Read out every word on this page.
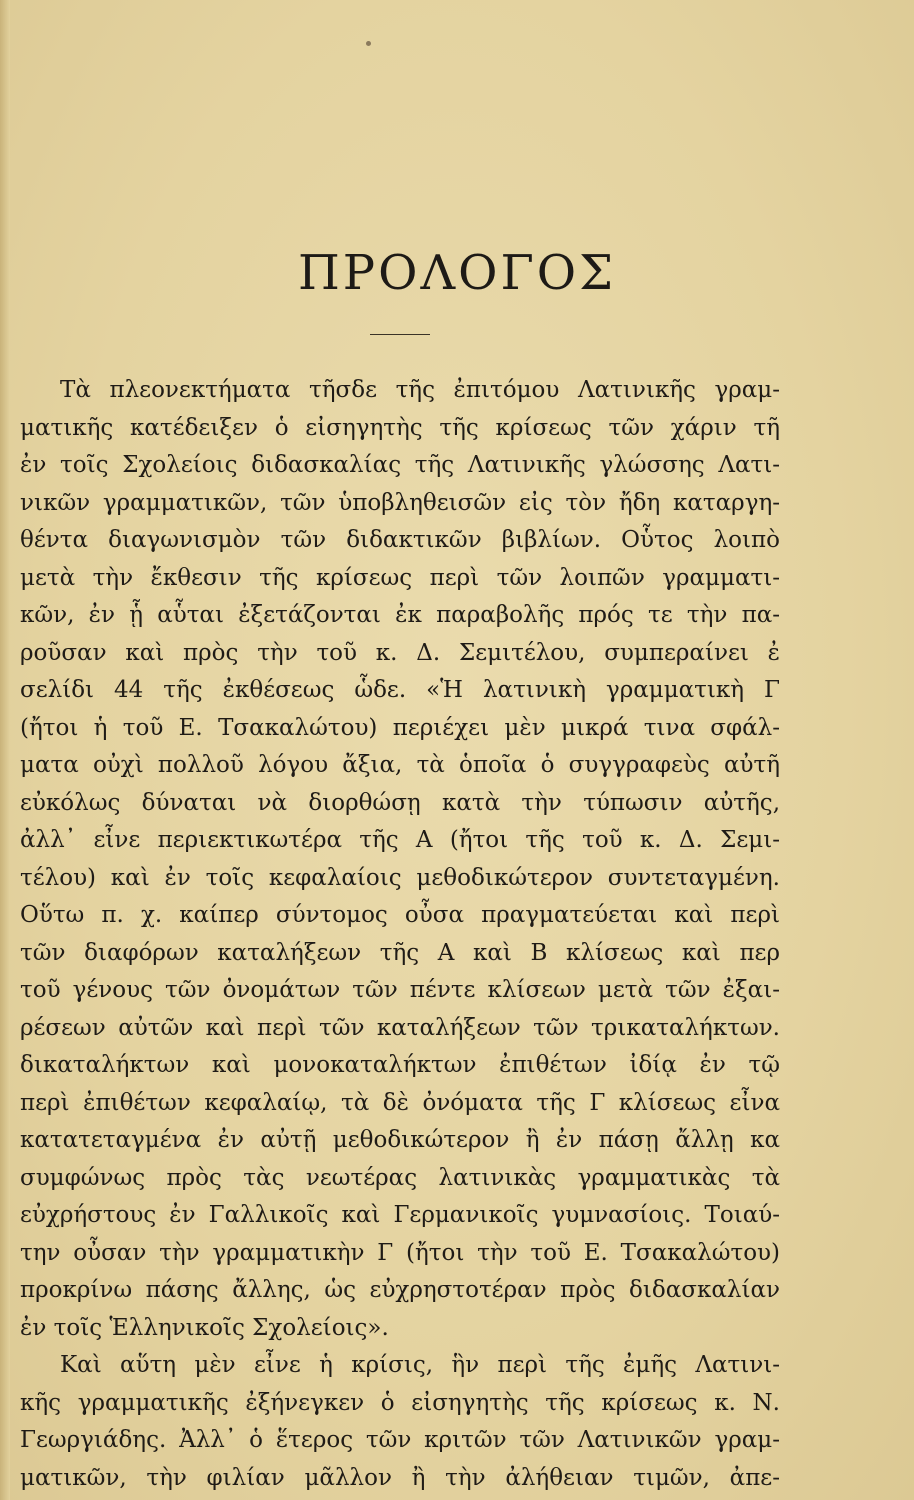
ΠΡΟΛΟΓΟΣ
Τὰ πλεονεκτήματα τῆσδε τῆς ἐπιτόμου Λατινικῆς γραμ-
ματικῆς κατέδειξεν ὁ εἰσηγητὴς τῆς κρίσεως τῶν χάριν τῆ
ἐν τοῖς Σχολείοις διδασκαλίας τῆς Λατινικῆς γλώσσης Λατι-
νικῶν γραμματικῶν, τῶν ὑποβληθεισῶν εἰς τὸν ἤδη καταργη-
θέντα διαγωνισμὸν τῶν διδακτικῶν βιβλίων. Οὗτος λοιπὸ
μετὰ τὴν ἔκθεσιν τῆς κρίσεως περὶ τῶν λοιπῶν γραμματι-
κῶν, ἐν ᾗ αὗται ἐξετάζονται ἐκ παραβολῆς πρός τε τὴν πα-
ροῦσαν καὶ πρὸς τὴν τοῦ κ. Δ. Σεμιτέλου, συμπεραίνει ἐ
σελίδι 44 τῆς ἐκθέσεως ὧδε. «Ἡ λατινικὴ γραμματικὴ Γ
(ἤτοι ἡ τοῦ Ε. Τσακαλώτου) περιέχει μὲν μικρά τινα σφάλ-
ματα οὐχὶ πολλοῦ λόγου ἄξια, τὰ ὁποῖα ὁ συγγραφεὺς αὐτῆ
εὐκόλως δύναται νὰ διορθώσῃ κατὰ τὴν τύπωσιν αὐτῆς,
ἀλλ᾽ εἶνε περιεκτικωτέρα τῆς Α (ἤτοι τῆς τοῦ κ. Δ. Σεμι-
τέλου) καὶ ἐν τοῖς κεφαλαίοις μεθοδικώτερον συντεταγμένη.
Οὕτω π. χ. καίπερ σύντομος οὖσα πραγματεύεται καὶ περὶ
τῶν διαφόρων καταλήξεων τῆς Α καὶ Β κλίσεως καὶ περ
τοῦ γένους τῶν ὀνομάτων τῶν πέντε κλίσεων μετὰ τῶν ἐξαι-
ρέσεων αὐτῶν καὶ περὶ τῶν καταλήξεων τῶν τρικαταλήκτων.
δικαταλήκτων καὶ μονοκαταλήκτων ἐπιθέτων ἰδίᾳ ἐν τῷ
περὶ ἐπιθέτων κεφαλαίῳ, τὰ δὲ ὀνόματα τῆς Γ κλίσεως εἶνα
κατατεταγμένα ἐν αὐτῇ μεθοδικώτερον ἢ ἐν πάσῃ ἄλλῃ κα
συμφώνως πρὸς τὰς νεωτέρας λατινικὰς γραμματικὰς τὰ
εὐχρήστους ἐν Γαλλικοῖς καὶ Γερμανικοῖς γυμνασίοις. Τοιαύ-
την οὖσαν τὴν γραμματικὴν Γ (ἤτοι τὴν τοῦ Ε. Τσακαλώτου)
προκρίνω πάσης ἄλλης, ὡς εὐχρηστοτέραν πρὸς διδασκαλίαν
ἐν τοῖς Ἑλληνικοῖς Σχολείοις».
Καὶ αὕτη μὲν εἶνε ἡ κρίσις, ἣν περὶ τῆς ἐμῆς Λατινι-
κῆς γραμματικῆς ἐξήνεγκεν ὁ εἰσηγητὴς τῆς κρίσεως κ. Ν.
Γεωργιάδης. Ἀλλ᾽ ὁ ἕτερος τῶν κριτῶν τῶν Λατινικῶν γραμ-
ματικῶν, τὴν φιλίαν μᾶλλον ἢ τὴν ἀλήθειαν τιμῶν, ἀπε-
